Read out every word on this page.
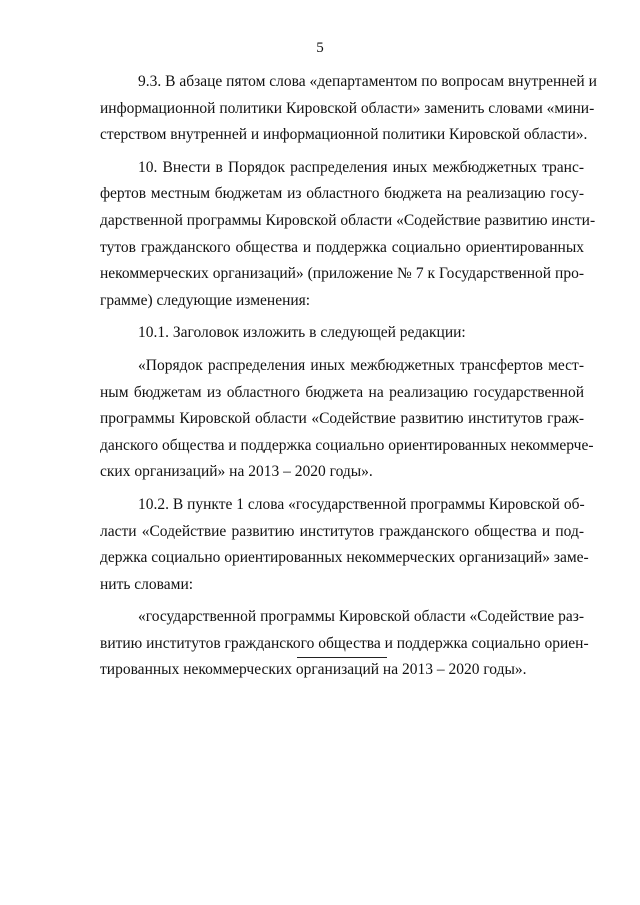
5
9.3. В абзаце пятом слова «департаментом по вопросам внутренней и
информационной политики Кировской области» заменить словами «мини-
стерством внутренней и информационной политики Кировской области».
10. Внести в Порядок распределения иных межбюджетных транс-
фертов местным бюджетам из областного бюджета на реализацию госу-
дарственной программы Кировской области «Содействие развитию инсти-
тутов гражданского общества и поддержка социально ориентированных
некоммерческих организаций» (приложение № 7 к Государственной про-
грамме) следующие изменения:
10.1. Заголовок изложить в следующей редакции:
«Порядок распределения иных межбюджетных трансфертов мест-
ным бюджетам из областного бюджета на реализацию государственной
программы Кировской области «Содействие развитию институтов граж-
данского общества и поддержка социально ориентированных некоммерче-
ских организаций» на 2013 – 2020 годы».
10.2. В пункте 1 слова «государственной программы Кировской об-
ласти «Содействие развитию институтов гражданского общества и под-
держка социально ориентированных некоммерческих организаций» заме-
нить словами:
«государственной программы Кировской области «Содействие раз-
витию институтов гражданского общества и поддержка социально ориен-
тированных некоммерческих организаций на 2013 – 2020 годы».
